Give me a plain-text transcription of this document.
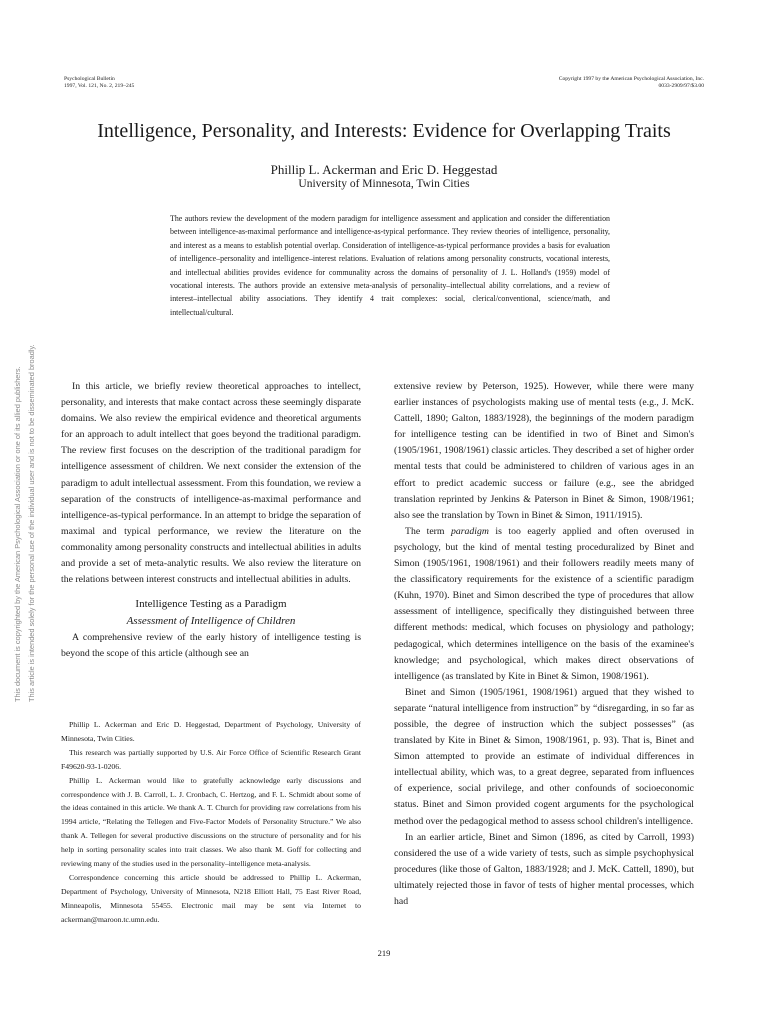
Psychological Bulletin
1997, Vol. 121, No. 2, 219–245
Copyright 1997 by the American Psychological Association, Inc.
0033-2909/97/$3.00
Intelligence, Personality, and Interests: Evidence for Overlapping Traits
Phillip L. Ackerman and Eric D. Heggestad
University of Minnesota, Twin Cities
The authors review the development of the modern paradigm for intelligence assessment and application and consider the differentiation between intelligence-as-maximal performance and intelligence-as-typical performance. They review theories of intelligence, personality, and interest as a means to establish potential overlap. Consideration of intelligence-as-typical performance provides a basis for evaluation of intelligence–personality and intelligence–interest relations. Evaluation of relations among personality constructs, vocational interests, and intellectual abilities provides evidence for communality across the domains of personality of J. L. Holland's (1959) model of vocational interests. The authors provide an extensive meta-analysis of personality–intellectual ability correlations, and a review of interest–intellectual ability associations. They identify 4 trait complexes: social, clerical/conventional, science/math, and intellectual/cultural.

In this article, we briefly review theoretical approaches to intellect, personality, and interests that make contact across these seemingly disparate domains. We also review the empirical evidence and theoretical arguments for an approach to adult intellect that goes beyond the traditional paradigm. The review first focuses on the description of the traditional paradigm for intelligence assessment of children. We next consider the extension of the paradigm to adult intellectual assessment. From this foundation, we review a separation of the constructs of intelligence-as-maximal performance and intelligence-as-typical performance. In an attempt to bridge the separation of maximal and typical performance, we review the literature on the commonality among personality constructs and intellectual abilities in adults and provide a set of meta-analytic results. We also review the literature on the relations between interest constructs and intellectual abilities in adults.

Intelligence Testing as a Paradigm
Assessment of Intelligence of Children

A comprehensive review of the early history of intelligence testing is beyond the scope of this article (although see an

Phillip L. Ackerman and Eric D. Heggestad, Department of Psychology, University of Minnesota, Twin Cities.

This research was partially supported by U.S. Air Force Office of Scientific Research Grant F49620-93-1-0206.

Phillip L. Ackerman would like to gratefully acknowledge early discussions and correspondence with J. B. Carroll, L. J. Cronbach, C. Hertzog, and F. L. Schmidt about some of the ideas contained in this article. We thank A. T. Church for providing raw correlations from his 1994 article, “Relating the Tellegen and Five-Factor Models of Personality Structure.” We also thank A. Tellegen for several productive discussions on the structure of personality and for his help in sorting personality scales into trait classes. We also thank M. Goff for collecting and reviewing many of the studies used in the personality–intelligence meta-analysis.

Correspondence concerning this article should be addressed to Phillip L. Ackerman, Department of Psychology, University of Minnesota, N218 Elliott Hall, 75 East River Road, Minneapolis, Minnesota 55455. Electronic mail may be sent via Internet to ackerman@maroon.tc.umn.edu.

extensive review by Peterson, 1925). However, while there were many earlier instances of psychologists making use of mental tests (e.g., J. McK. Cattell, 1890; Galton, 1883/1928), the beginnings of the modern paradigm for intelligence testing can be identified in two of Binet and Simon's (1905/1961, 1908/1961) classic articles. They described a set of higher order mental tests that could be administered to children of various ages in an effort to predict academic success or failure (e.g., see the abridged translation reprinted by Jenkins & Paterson in Binet & Simon, 1908/1961; also see the translation by Town in Binet & Simon, 1911/1915).

The term paradigm is too eagerly applied and often overused in psychology, but the kind of mental testing proceduralized by Binet and Simon (1905/1961, 1908/1961) and their followers readily meets many of the classificatory requirements for the existence of a scientific paradigm (Kuhn, 1970). Binet and Simon described the type of procedures that allow assessment of intelligence, specifically they distinguished between three different methods: medical, which focuses on physiology and pathology; pedagogical, which determines intelligence on the basis of the examinee's knowledge; and psychological, which makes direct observations of intelligence (as translated by Kite in Binet & Simon, 1908/1961).

Binet and Simon (1905/1961, 1908/1961) argued that they wished to separate “natural intelligence from instruction” by “disregarding, in so far as possible, the degree of instruction which the subject possesses” (as translated by Kite in Binet & Simon, 1908/1961, p. 93). That is, Binet and Simon attempted to provide an estimate of individual differences in intellectual ability, which was, to a great degree, separated from influences of experience, social privilege, and other confounds of socioeconomic status. Binet and Simon provided cogent arguments for the psychological method over the pedagogical method to assess school children's intelligence.

In an earlier article, Binet and Simon (1896, as cited by Carroll, 1993) considered the use of a wide variety of tests, such as simple psychophysical procedures (like those of Galton, 1883/1928; and J. McK. Cattell, 1890), but ultimately rejected those in favor of tests of higher mental processes, which had

219
This document is copyrighted by the American Psychological Association or one of its allied publishers. This article is intended solely for the personal use of the individual user and is not to be disseminated broadly.
